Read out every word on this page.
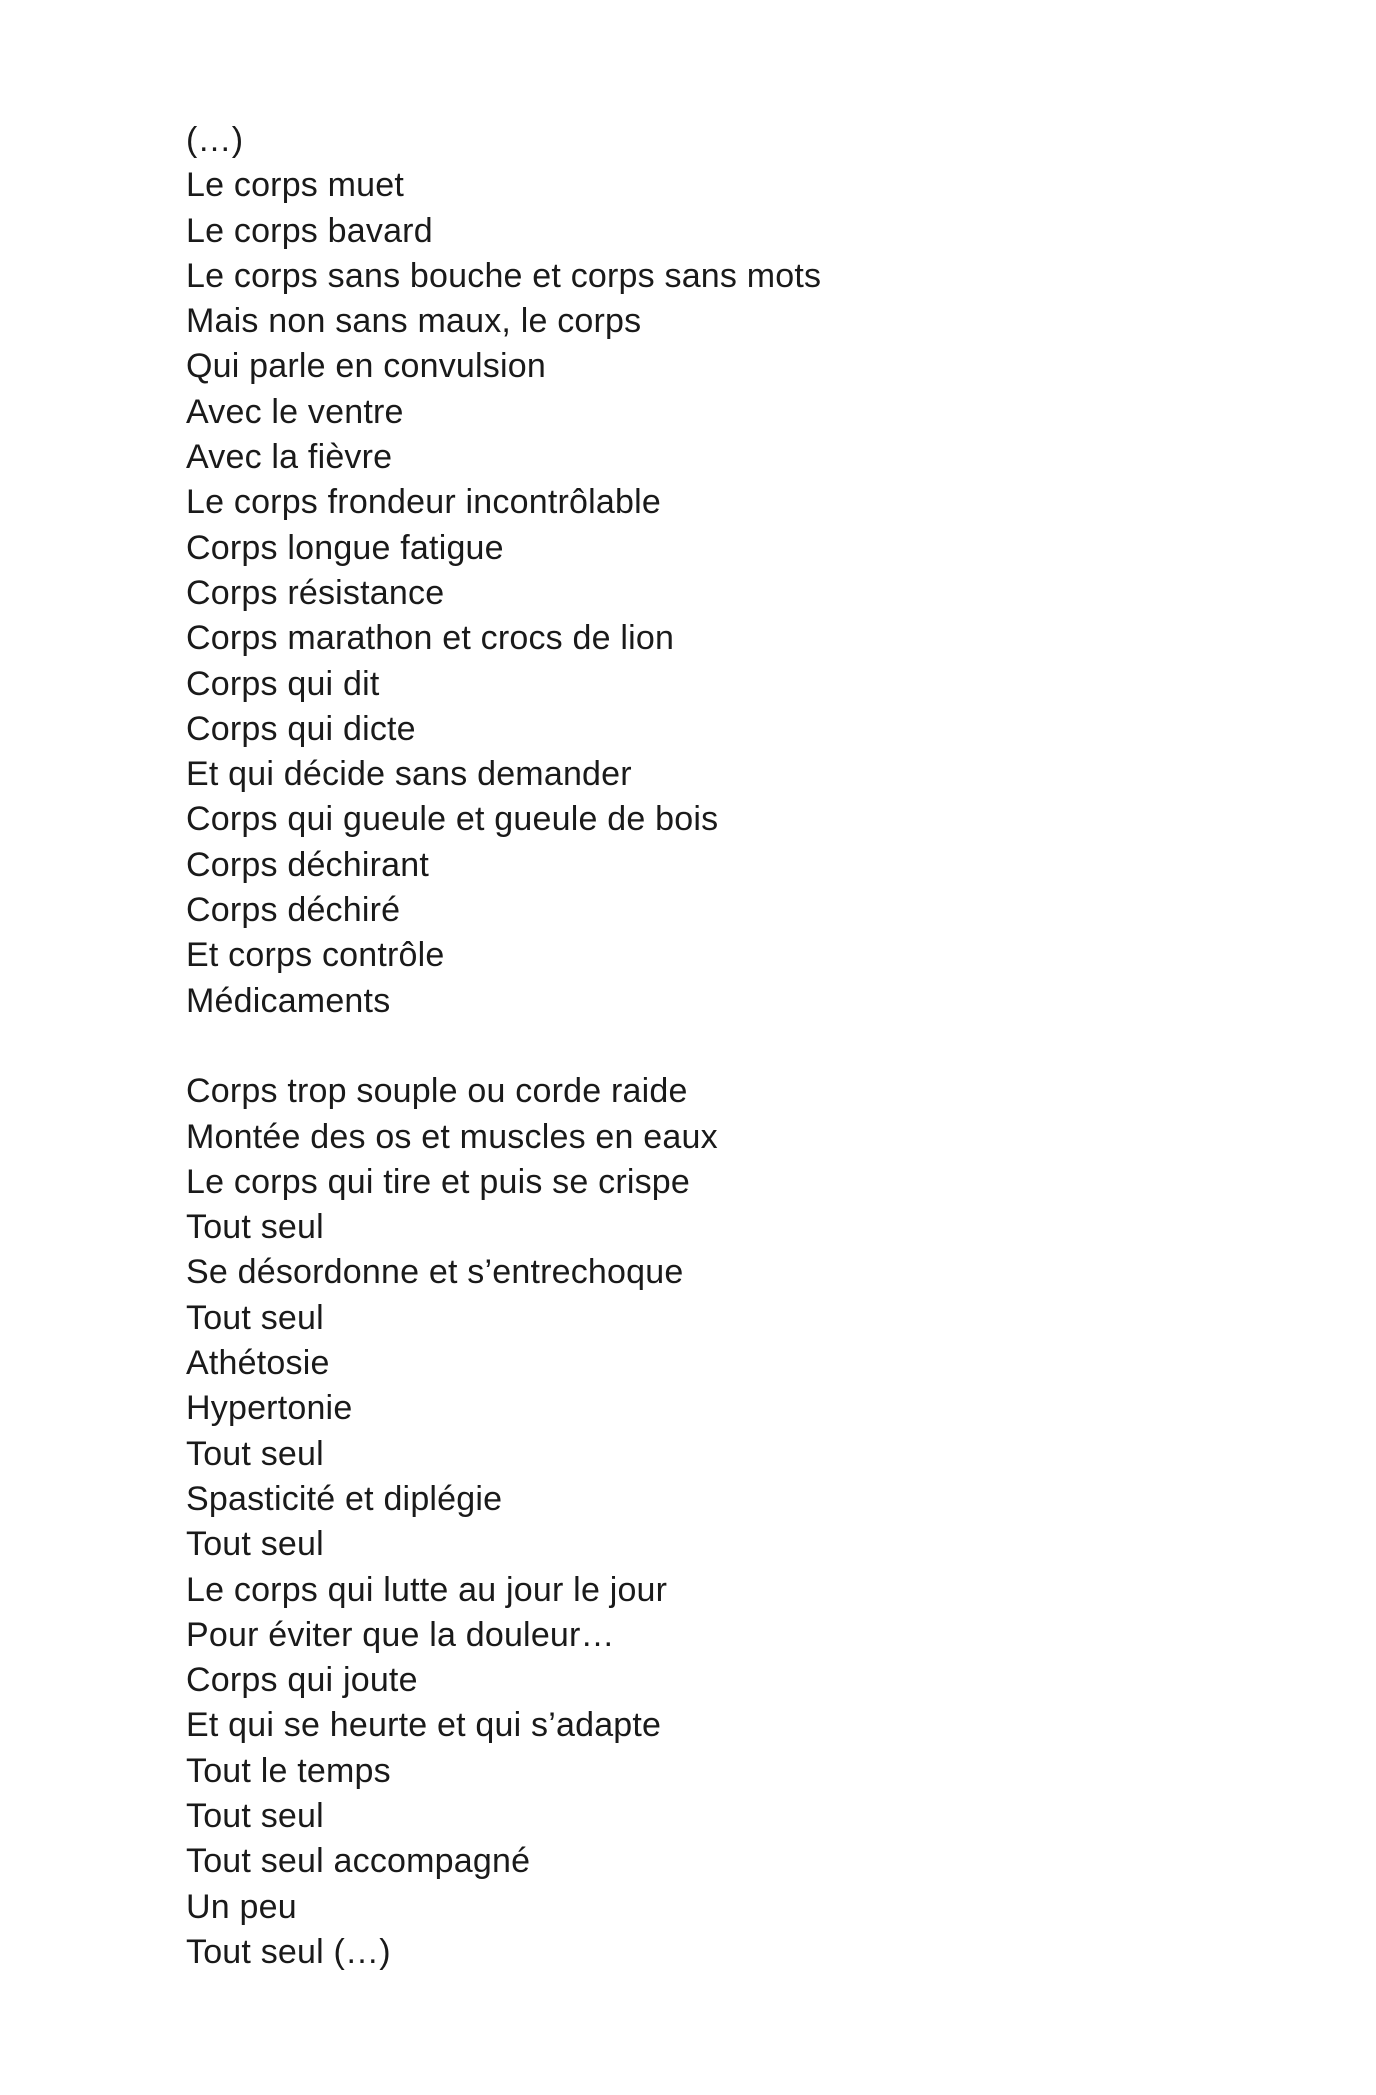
(…)
Le corps muet
Le corps bavard
Le corps sans bouche et corps sans mots
Mais non sans maux, le corps
Qui parle en convulsion
Avec le ventre
Avec la fièvre
Le corps frondeur incontrôlable
Corps longue fatigue
Corps résistance
Corps marathon et crocs de lion
Corps qui dit
Corps qui dicte
Et qui décide sans demander
Corps qui gueule et gueule de bois
Corps déchirant
Corps déchiré
Et corps contrôle
Médicaments
Corps trop souple ou corde raide
Montée des os et muscles en eaux
Le corps qui tire et puis se crispe
Tout seul
Se désordonne et s’entrechoque
Tout seul
Athétosie
Hypertonie
Tout seul
Spasticité et diplégie
Tout seul
Le corps qui lutte au jour le jour
Pour éviter que la douleur…
Corps qui joute
Et qui se heurte et qui s’adapte
Tout le temps
Tout seul
Tout seul accompagné
Un peu
Tout seul (…)
